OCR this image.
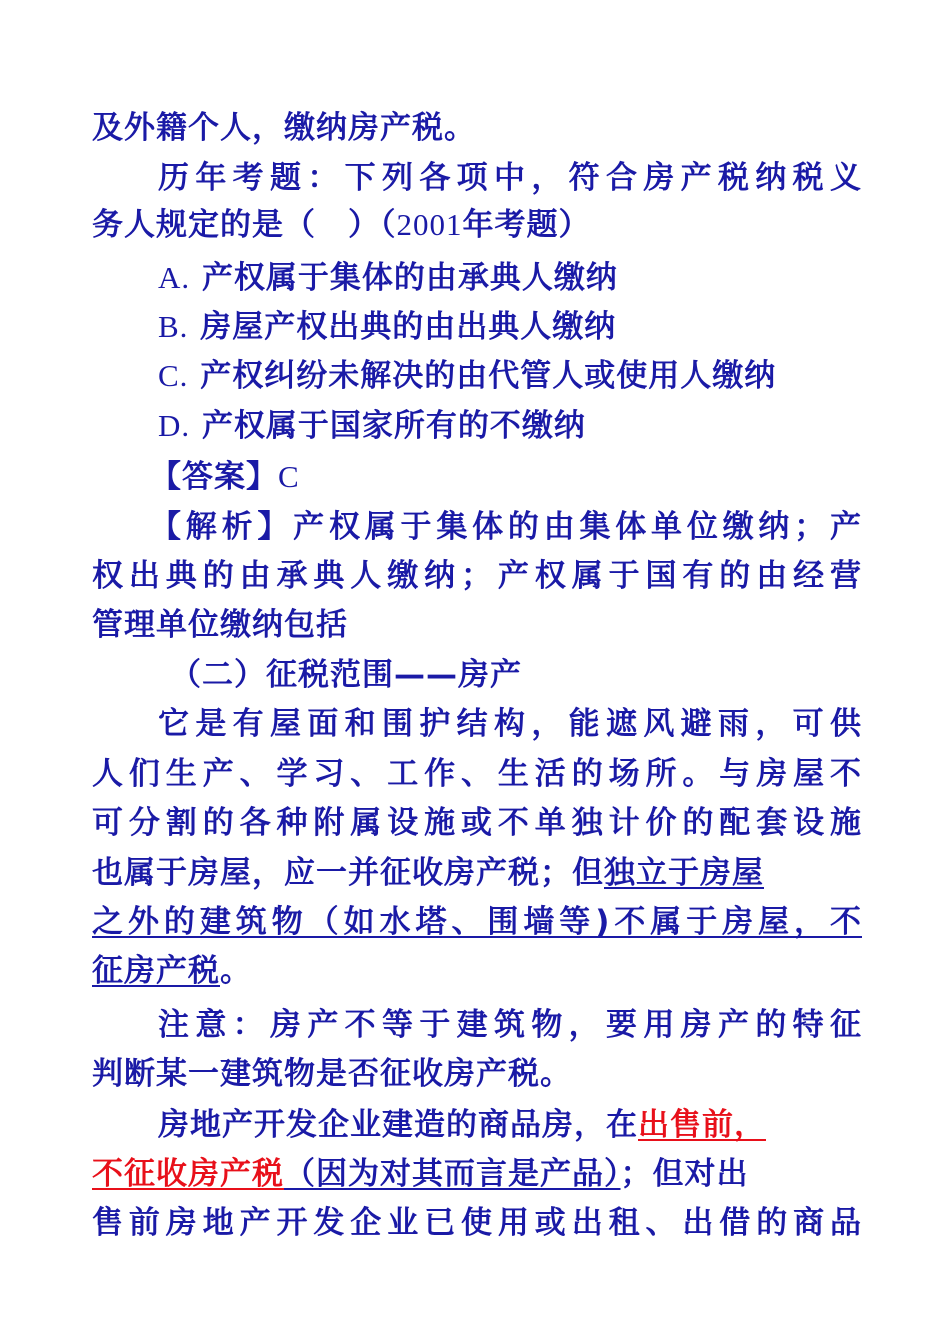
及外籍个人，缴纳房产税。
历年考题：下列各项中，符合房产税纳税义
务人规定的是（　）（2001年考题）
A. 产权属于集体的由承典人缴纳
B. 房屋产权出典的由出典人缴纳
C. 产权纠纷未解决的由代管人或使用人缴纳
D. 产权属于国家所有的不缴纳
【答案】C
【解析】产权属于集体的由集体单位缴纳；产
权出典的由承典人缴纳；产权属于国有的由经营
管理单位缴纳包括
（二）征税范围——房产
它是有屋面和围护结构，能遮风避雨，可供
人们生产、学习、工作、生活的场所。与房屋不
可分割的各种附属设施或不单独计价的配套设施
也属于房屋，应一并征收房产税；但独立于房屋
之外的建筑物（如水塔、围墙等)不属于房屋，不
征房产税。
注意：房产不等于建筑物，要用房产的特征
判断某一建筑物是否征收房产税。
房地产开发企业建造的商品房，在出售前，
不征收房产税（因为对其而言是产品）；但对出
售前房地产开发企业已使用或出租、出借的商品
